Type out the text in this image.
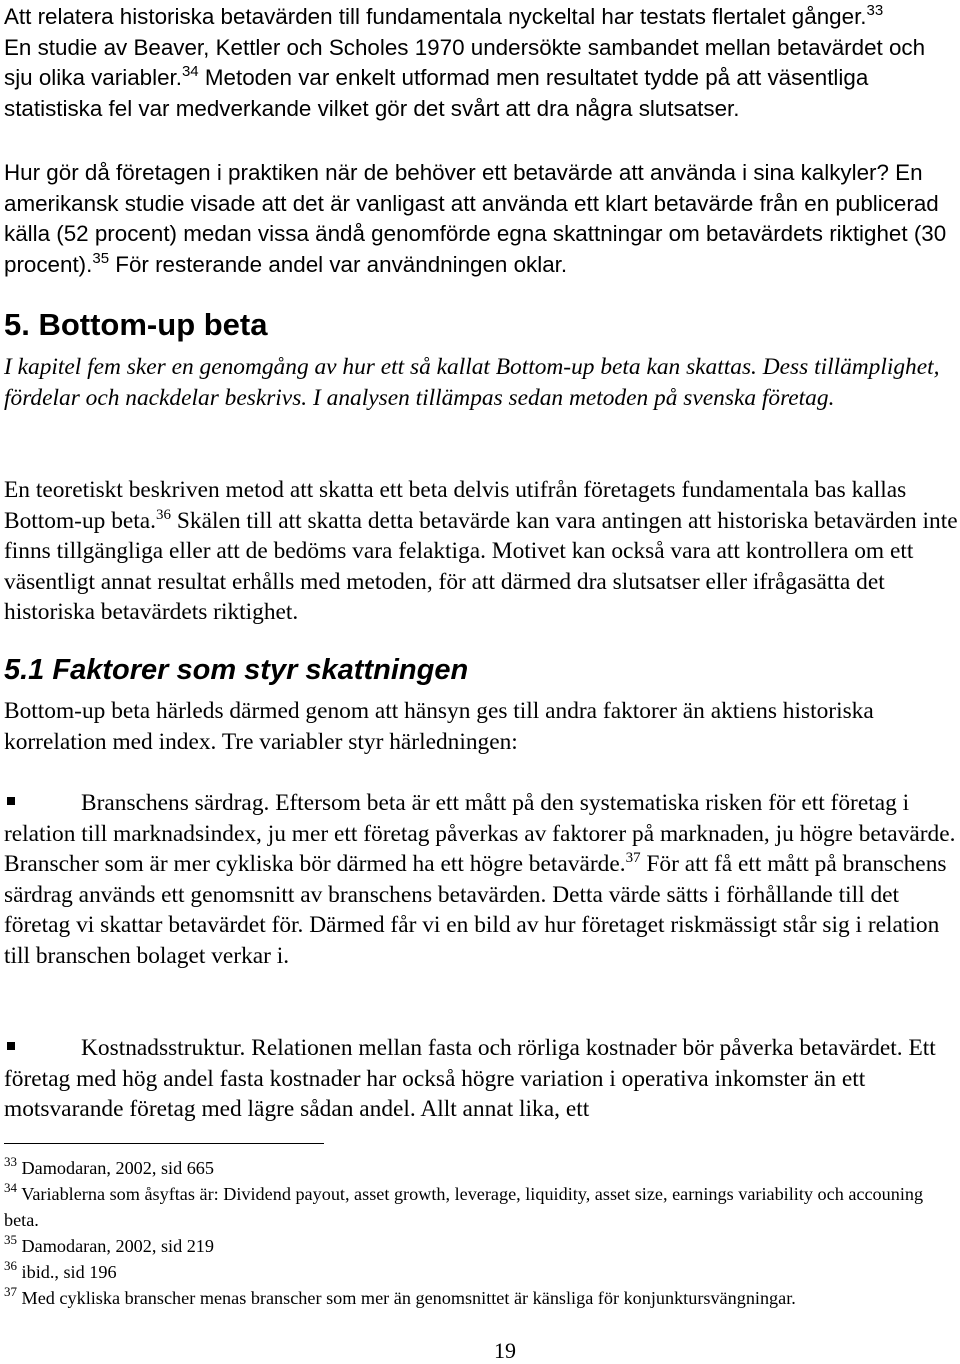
Att relatera historiska betavärden till fundamentala nyckeltal har testats flertalet gånger.$^{33}$
En studie av Beaver, Kettler och Scholes 1970 undersökte sambandet mellan betavärdet och sju olika variabler.$^{34}$ Metoden var enkelt utformad men resultatet tydde på att väsentliga statistiska fel var medverkande vilket gör det svårt att dra några slutsatser.

Hur gör då företagen i praktiken när de behöver ett betavärde att använda i sina kalkyler? En amerikansk studie visade att det är vanligast att använda ett klart betavärde från en publicerad källa (52 procent) medan vissa ändå genomförde egna skattningar om betavärdets riktighet (30 procent).$^{35}$ För resterande andel var användningen oklar.

5. Bottom-up beta

I kapitel fem sker en genomgång av hur ett så kallat Bottom-up beta kan skattas. Dess tillämplighet, fördelar och nackdelar beskrivs. I analysen tillämpas sedan metoden på svenska företag.

En teoretiskt beskriven metod att skatta ett beta delvis utifrån företagets fundamentala bas kallas Bottom-up beta.$^{36}$ Skälen till att skatta detta betavärde kan vara antingen att historiska betavärden inte finns tillgängliga eller att de bedöms vara felaktiga. Motivet kan också vara att kontrollera om ett väsentligt annat resultat erhålls med metoden, för att därmed dra slutsatser eller ifrågasätta det historiska betavärdets riktighet.

5.1 Faktorer som styr skattningen

Bottom-up beta härleds därmed genom att hänsyn ges till andra faktorer än aktiens historiska korrelation med index. Tre variabler styr härledningen:

Branschens särdrag. Eftersom beta är ett mått på den systematiska risken för ett företag i relation till marknadsindex, ju mer ett företag påverkas av faktorer på marknaden, ju högre betavärde. Branscher som är mer cykliska bör därmed ha ett högre betavärde.$^{37}$ För att få ett mått på branschens särdrag används ett genomsnitt av branschens betavärden. Detta värde sätts i förhållande till det företag vi skattar betavärdet för. Därmed får vi en bild av hur företaget riskmässigt står sig i relation till branschen bolaget verkar i.

Kostnadsstruktur. Relationen mellan fasta och rörliga kostnader bör påverka betavärdet. Ett företag med hög andel fasta kostnader har också högre variation i operativa inkomster än ett motsvarande företag med lägre sådan andel. Allt annat lika, ett

$^{33}$ Damodaran, 2002, sid 665

$^{34}$ Variablerna som åsyftas är: Dividend payout, asset growth, leverage, liquidity, asset size, earnings variability och accouning beta.

$^{35}$ Damodaran, 2002, sid 219

$^{36}$ ibid., sid 196

$^{37}$ Med cykliska branscher menas branscher som mer än genomsnittet är känsliga för konjunktursvängningar.

19
